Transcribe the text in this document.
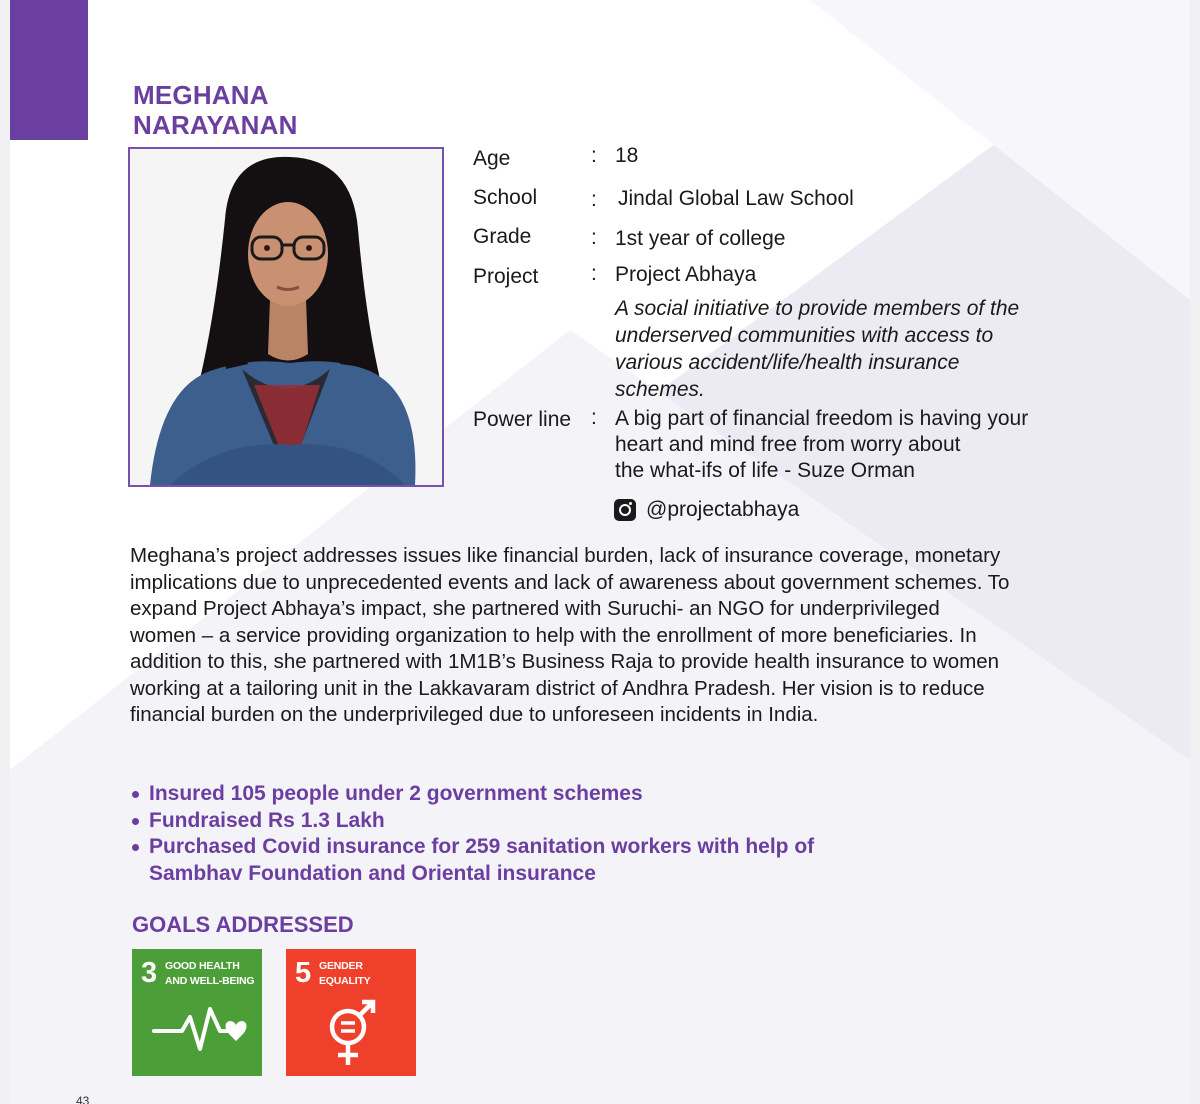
MEGHANA
NARAYANAN
Age	: 18
School	: Jindal Global Law School
Grade	: 1st year of college
Project	: Project Abhaya
A social initiative to provide members of the underserved communities with access to various accident/life/health insurance schemes.
Power line : A big part of financial freedom is having your
heart and mind free from worry about
the what-ifs of life - Suze Orman
@projectabhaya

Meghana’s project addresses issues like financial burden, lack of insurance coverage, monetary implications due to unprecedented events and lack of awareness about government schemes. To expand Project Abhaya’s impact, she partnered with Suruchi- an NGO for underprivileged women – a service providing organization to help with the enrollment of more beneficiaries. In addition to this, she partnered with 1M1B’s Business Raja to provide health insurance to women working at a tailoring unit in the Lakkavaram district of Andhra Pradesh. Her vision is to reduce financial burden on the underprivileged due to unforeseen incidents in India.

Insured 105 people under 2 government schemes
Fundraised Rs 1.3 Lakh
Purchased Covid insurance for 259 sanitation workers with help of Sambhav Foundation and Oriental insurance
GOALS ADDRESSED
3 GOOD HEALTH
AND WELL-BEING 5 GENDER
EQUALITY
43
